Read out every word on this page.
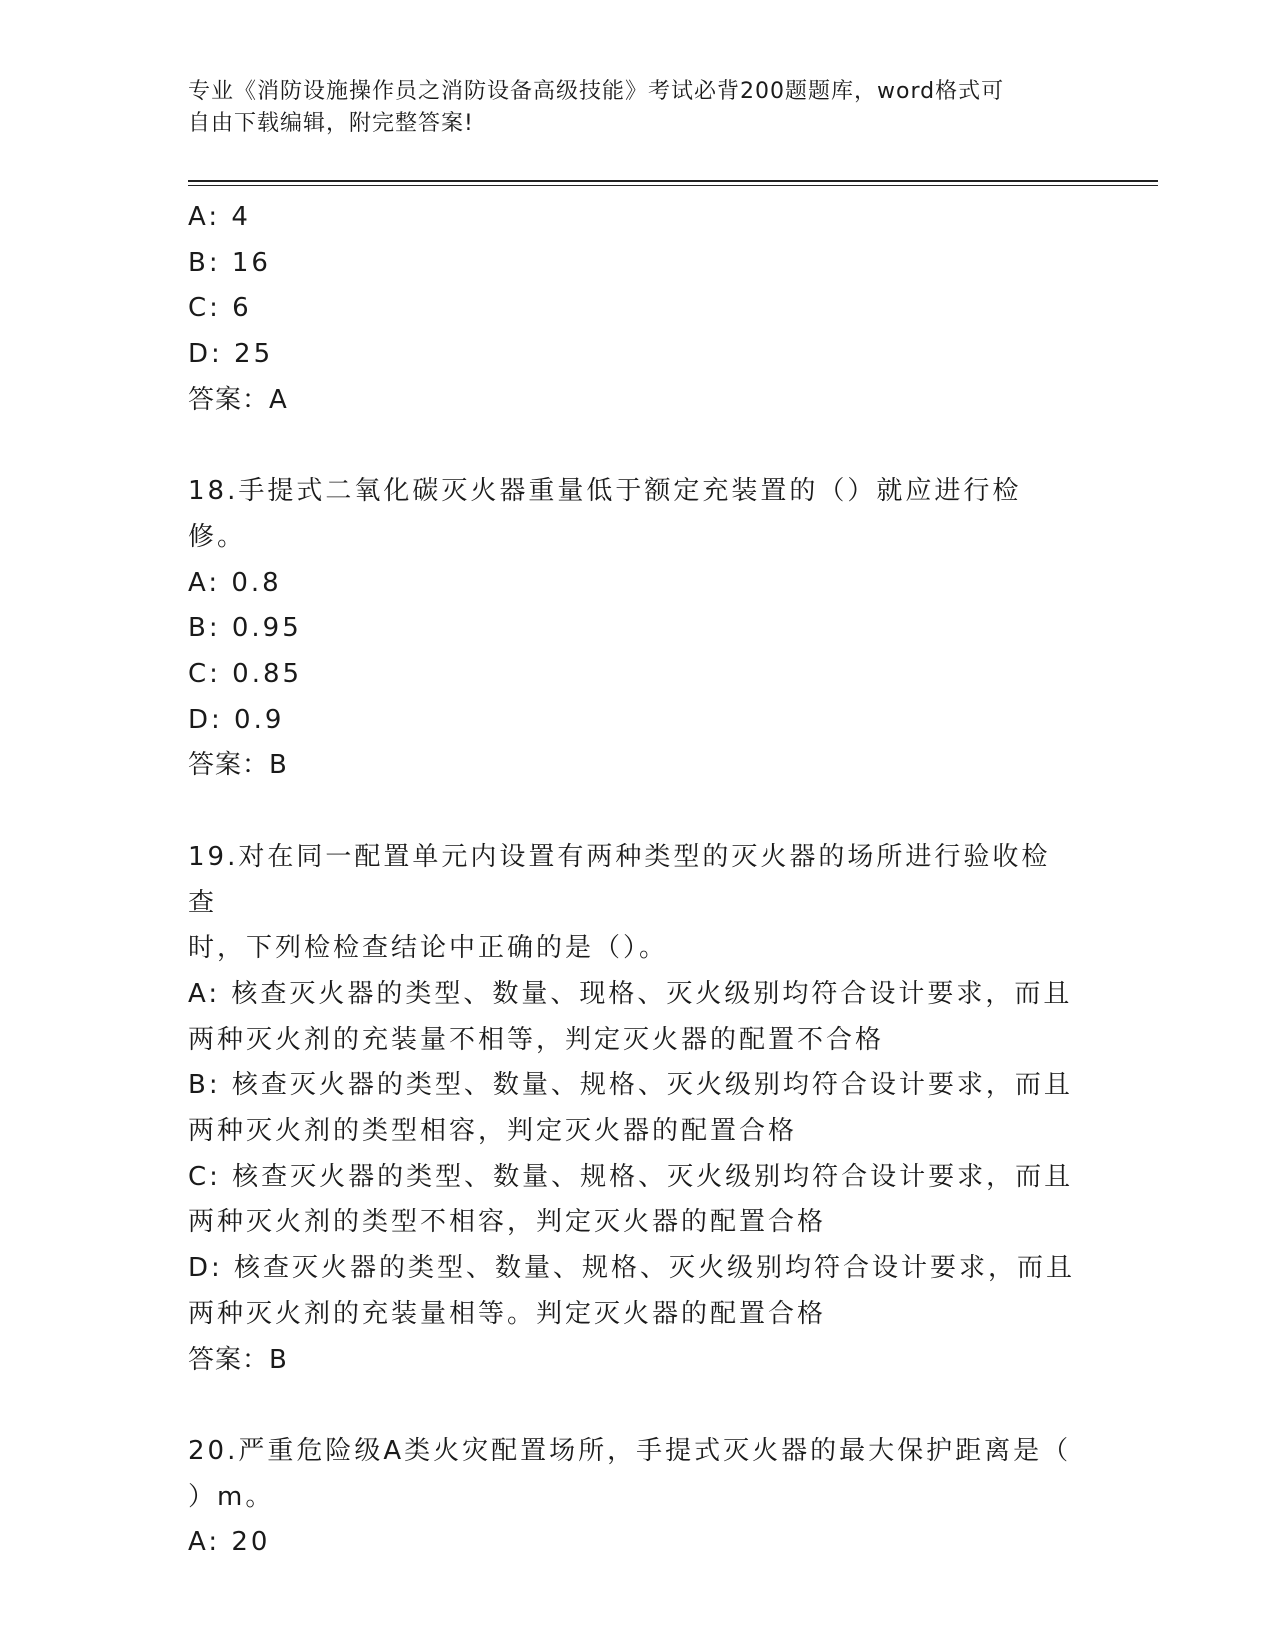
专业《消防设施操作员之消防设备高级技能》考试必背200题题库，word格式可
自由下载编辑，附完整答案!
A: 4
B: 16
C: 6
D: 25
答案：A
18.手提式二氧化碳灭火器重量低于额定充装置的（）就应进行检修。
A: 0.8
B: 0.95
C: 0.85
D: 0.9
答案：B
19.对在同一配置单元内设置有两种类型的灭火器的场所进行验收检查
时，下列检检查结论中正确的是（）。
A: 核查灭火器的类型、数量、现格、灭火级别均符合设计要求，而且
两种灭火剂的充装量不相等，判定灭火器的配置不合格
B: 核查灭火器的类型、数量、规格、灭火级别均符合设计要求，而且
两种灭火剂的类型相容，判定灭火器的配置合格
C: 核查灭火器的类型、数量、规格、灭火级别均符合设计要求，而且
两种灭火剂的类型不相容，判定灭火器的配置合格
D: 核查灭火器的类型、数量、规格、灭火级别均符合设计要求，而且
两种灭火剂的充装量相等。判定灭火器的配置合格
答案：B
20.严重危险级A类火灾配置场所，手提式灭火器的最大保护距离是（
）m。
A: 20
